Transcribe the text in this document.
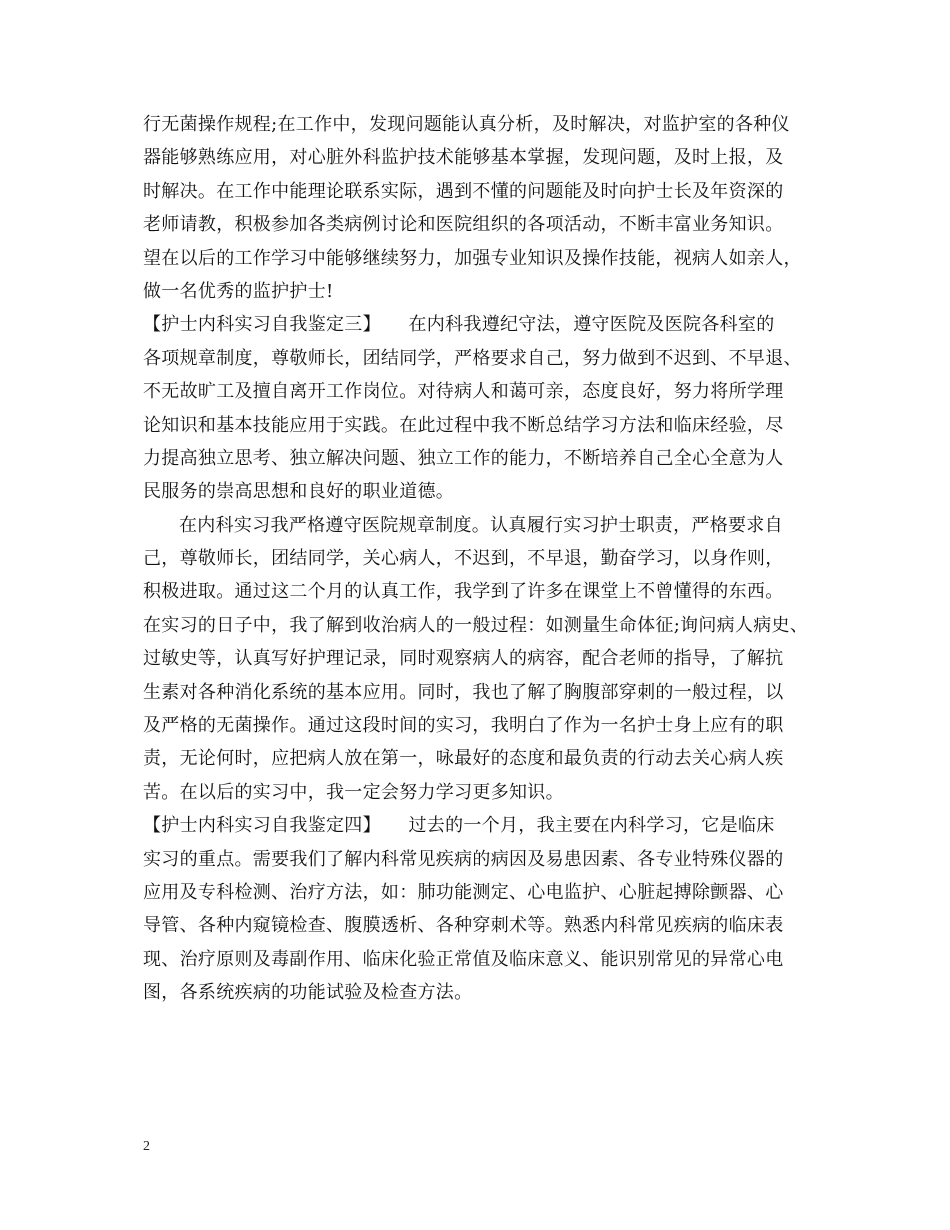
行无菌操作规程;在工作中，发现问题能认真分析，及时解决，对监护室的各种仪
器能够熟练应用，对心脏外科监护技术能够基本掌握，发现问题，及时上报，及
时解决。在工作中能理论联系实际，遇到不懂的问题能及时向护士长及年资深的
老师请教，积极参加各类病例讨论和医院组织的各项活动，不断丰富业务知识。
望在以后的工作学习中能够继续努力，加强专业知识及操作技能，视病人如亲人，
做一名优秀的监护护士!
【护士内科实习自我鉴定三】　　在内科我遵纪守法，遵守医院及医院各科室的
各项规章制度，尊敬师长，团结同学，严格要求自己，努力做到不迟到、不早退、
不无故旷工及擅自离开工作岗位。对待病人和蔼可亲，态度良好，努力将所学理
论知识和基本技能应用于实践。在此过程中我不断总结学习方法和临床经验，尽
力提高独立思考、独立解决问题、独立工作的能力，不断培养自己全心全意为人
民服务的崇高思想和良好的职业道德。
在内科实习我严格遵守医院规章制度。认真履行实习护士职责，严格要求自
己，尊敬师长，团结同学，关心病人，不迟到，不早退，勤奋学习，以身作则，
积极进取。通过这二个月的认真工作，我学到了许多在课堂上不曾懂得的东西。
在实习的日子中，我了解到收治病人的一般过程：如测量生命体征;询问病人病史、
过敏史等，认真写好护理记录，同时观察病人的病容，配合老师的指导，了解抗
生素对各种消化系统的基本应用。同时，我也了解了胸腹部穿刺的一般过程，以
及严格的无菌操作。通过这段时间的实习，我明白了作为一名护士身上应有的职
责，无论何时，应把病人放在第一，咏最好的态度和最负责的行动去关心病人疾
苦。在以后的实习中，我一定会努力学习更多知识。
【护士内科实习自我鉴定四】　　过去的一个月，我主要在内科学习，它是临床
实习的重点。需要我们了解内科常见疾病的病因及易患因素、各专业特殊仪器的
应用及专科检测、治疗方法，如：肺功能测定、心电监护、心脏起搏除颤器、心
导管、各种内窥镜检查、腹膜透析、各种穿刺术等。熟悉内科常见疾病的临床表
现、治疗原则及毒副作用、临床化验正常值及临床意义、能识别常见的异常心电
图，各系统疾病的功能试验及检查方法。
2
